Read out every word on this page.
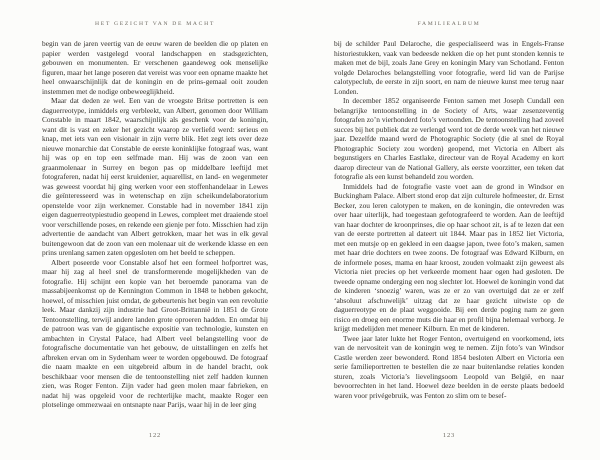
HET GEZICHT VAN DE MACHT

begin van de jaren veertig van de eeuw waren de beelden die op platen en papier werden vastgelegd vooral landschappen en stadsgezichten, gebouwen en monumenten. Er verschenen gaandeweg ook menselijke figuren, maar het lange poseren dat vereist was voor een opname maakte het heel onwaarschijnlijk dat de koningin en de prins-gemaal ooit zouden instemmen met de nodige onbeweeglijkheid.

Maar dat deden ze wel. Een van de vroegste Britse portretten is een daguerreotype, inmiddels erg verbleekt, van Albert, genomen door William Constable in maart 1842, waarschijnlijk als geschenk voor de koningin, want dit is vast en zeker het gezicht waarop ze verliefd werd: serieus en knap, met iets van een visionair in zijn verre blik. Het zegt iets over deze nieuwe monarchie dat Constable de eerste koninklijke fotograaf was, want hij was op en top een selfmade man. Hij was de zoon van een graanmolenaar in Surrey en begon pas op middelbare leeftijd met fotograferen, nadat hij eerst kruidenier, aquarellist, en land- en wegenmeter was geweest voordat hij ging werken voor een stoffenhandelaar in Lewes die geïnteresseerd was in wetenschap en zijn scheikundelaboratorium openstelde voor zijn werknemer. Constable had in november 1841 zijn eigen daguerreotypiestudio geopend in Lewes, compleet met draaiende stoel voor verschillende poses, en rekende een gienje per foto. Misschien had zijn advertentie de aandacht van Albert getrokken, maar het was in elk geval buitengewoon dat de zoon van een molenaar uit de werkende klasse en een prins urenlang samen zaten opgesloten om het beeld te scheppen.

Albert poseerde voor Constable alsof het een formeel hofportret was, maar hij zag al heel snel de transformerende mogelijkheden van de fotografie. Hij schijnt een kopie van het beroemde panorama van de massabijeenkomst op de Kennington Common in 1848 te hebben gekocht, hoewel, of misschien juist omdat, de gebeurtenis het begin van een revolutie leek. Maar dankzij zijn industrie had Groot-Brittannië in 1851 de Grote Tentoonstelling, terwijl andere landen grote oproeren hadden. En omdat hij de patroon was van de gigantische expositie van technologie, kunsten en ambachten in Crystal Palace, had Albert veel belangstelling voor de fotografische documentatie van het gebouw, de uitstallingen en zelfs het afbreken ervan om in Sydenham weer te worden opgebouwd. De fotograaf die naam maakte en een uitgebreid album in de handel bracht, ook beschikbaar voor mensen die de tentoonstelling niet zelf hadden kunnen zien, was Roger Fenton. Zijn vader had geen molen maar fabrieken, en nadat hij was opgeleid voor de rechterlijke macht, maakte Roger een plotselinge ommezwaai en ontsnapte naar Parijs, waar hij in de leer ging

122
FAMILIEALBUM

bij de schilder Paul Delaroche, die gespecialiseerd was in Engels-Franse historiestukken, vaak van bedeesde nekken die op het punt stonden kennis te maken met de bijl, zoals Jane Grey en koningin Mary van Schotland. Fenton volgde Delaroches belangstelling voor fotografie, werd lid van de Parijse calotypeclub, de eerste in zijn soort, en nam de nieuwe kunst mee terug naar Londen.

In december 1852 organiseerde Fenton samen met Joseph Cundall een belangrijke tentoonstelling in de Society of Arts, waar zesenzeventig fotografen zo’n vierhonderd foto’s vertoonden. De tentoonstelling had zoveel succes bij het publiek dat ze verlengd werd tot de derde week van het nieuwe jaar. Dezelfde maand werd de Photographic Society (die al snel de Royal Photographic Society zou worden) geopend, met Victoria en Albert als begunstigers en Charles Eastlake, directeur van de Royal Academy en kort daarop directeur van de National Gallery, als eerste voorzitter, een teken dat fotografie als een kunst behandeld zou worden.

Inmiddels had de fotografie vaste voet aan de grond in Windsor en Buckingham Palace. Albert stond erop dat zijn culturele hofmeester, dr. Ernst Becker, zou leren calotypen te maken, en de koningin, die ontevreden was over haar uiterlijk, had toegestaan gefotografeerd te worden. Aan de leeftijd van haar dochter de kroonprinses, die op haar schoot zit, is af te lezen dat een van de eerste portretten al dateert uit 1844. Maar pas in 1852 liet Victoria, met een mutsje op en gekleed in een daagse japon, twee foto’s maken, samen met haar drie dochters en twee zoons. De fotograaf was Edward Kilburn, en de informele poses, mama en haar kroost, zouden volmaakt zijn geweest als Victoria niet precies op het verkeerde moment haar ogen had gesloten. De tweede opname onderging een nog slechter lot. Hoewel de koningin vond dat de kinderen ‘snoezig’ waren, was ze er zo van overtuigd dat ze er zelf ‘absoluut afschuwelijk’ uitzag dat ze haar gezicht uitwiste op de daguerreotype en de plaat weggooide. Bij een derde poging nam ze geen risico en droeg een enorme muts die haar en profil bijna helemaal verborg. Je krijgt medelijden met meneer Kilburn. En met de kinderen.

Twee jaar later lukte het Roger Fenton, overtuigend en voorkomend, iets van de nervositeit van de koningin weg te nemen. Zijn foto’s van Windsor Castle werden zeer bewonderd. Rond 1854 besloten Albert en Victoria een serie familieportretten te bestellen die ze naar buitenlandse relaties konden sturen, zoals Victoria’s lievelingsoom Leopold van België, en naar bevoorrechten in het land. Hoewel deze beelden in de eerste plaats bedoeld waren voor privégebruik, was Fenton zo slim om te besef-

123
